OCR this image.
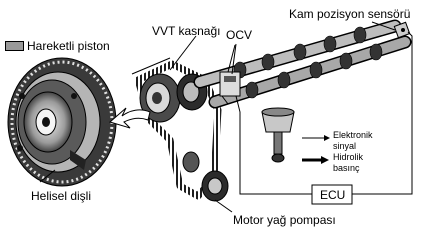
Kam pozisyon sensörü
Hareketli piston
VVT kasnağı OCV
Helisel dişli
Elektronik sinyal
Hidrolik basınç
ECU
Motor yağ pompası
